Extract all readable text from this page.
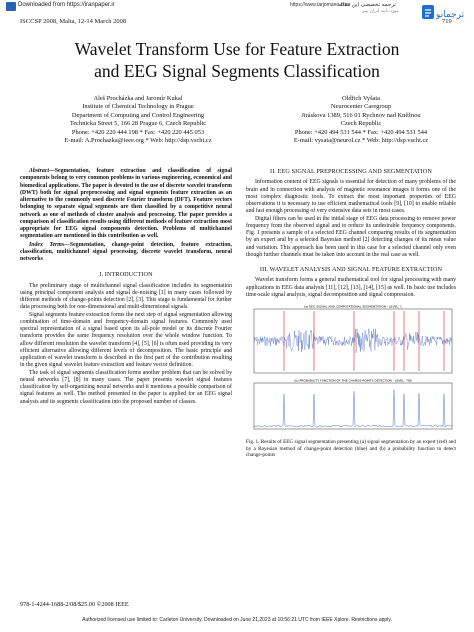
Downloaded from https://iranpaper.ir	https://www.tarjomano.com
ترجمه تخصصی این مقاله
مورد تایید ایران پیپر	ترجمانو
ISCCSP 2008, Malta, 12-14 March 2008	719
Wavelet Transform Use for Feature Extraction
and EEG Signal Segments Classification
Aleš Procházka and Jaromír Kukal
Institute of Chemical Technology in Prague
Department of Computing and Control Engineering
Technicka Street 5, 166 28 Prague 6, Czech Republic
Phone: +420 220 444 198 * Fax: +420 220 445 053
E-mail: A.Prochazka@ieee.org * Web: http://dsp.vscht.cz
Oldřich Vyšata
Neurocenter Caregroup
Jiráskova 1389, 516 01 Rychnov nad Kněžnou
Czech Republic
Phone: +420 494 531 544 * Fax: +420 494 531 544
E-mail: vysata@neurol.cz * Web: http://dsp.vscht.cz

Abstract—Segmentation, feature extraction and classification of signal components belong to very common problems in various engineering, economical and biomedical applications. The paper is devoted to the use of discrete wavelet transform (DWT) both for signal preprocessing and signal segments feature extraction as an alternative to the commonly used discrete Fourier transform (DFT). Feature vectors belonging to separate signal segments are then classified by a competitive neural network as one of methods of cluster analysis and processing. The paper provides a comparison of classification results using different methods of feature extraction most appropriate for EEG signal components detection. Problems of multichannel segmentation are mentioned in this contribution as well.

Index Terms—Segmentation, change-point detection, feature extraction, classification, multichannel signal processing, discrete wavelet transform, neural networks

I. INTRODUCTION

The preliminary stage of multichannel signal classification includes its segmentation using principal component analysis and signal de-noising [1] in many cases followed by different methods of change-points detection [2], [3]. This stage is fundamental for further data processing both for one-dimensional and multi-dimensional signals.

Signal segments feature extraction forms the next step of signal segmentation allowing combination of time-domain and frequency-domain signal features. Commonly used spectral representation of a signal based upon its all-pole model or its discrete Fourier transform provides the same frequency resolution over the whole window function. To allow different resolution the wavelet transform [4], [5], [6] is often used providing its very efficient alternative allowing different levels of decomposition. The basic principle and application of wavelet transform is described in the first part of the contribution resulting in the given signal wavelet feature extraction and feature vector definition.

The task of signal segments classification forms another problem that can be solved by neural networks [7], [8] in many cases. The paper presents wavelet signal features classification by self-organizing neural networks and it mentions a possible comparison of signal features as well. The method presented in the paper is applied for an EEG signal analysis and its segments classification into the proposed number of classes.

II. EEG SIGNAL PREPROCESSING AND SEGMENTATION

Information content of EEG signals is essential for detection of many problems of the brain and in connection with analysis of magnetic resonance images it forms one of the most complex diagnostic tools. To extract the most important properties of EEG observations it is necessary to use efficient mathematical tools [9], [10] to enable reliable and fast enough processing of very extensive data sets in most cases.

Digital filters can be used in the initial stage of EEG data processing to remove power frequency from the observed signal and to reduce its undesirable frequency components. Fig. 1 presents a sample of a selected EEG channel comparing results of its segmentation by an expert and by a selected Bayesian method [2] detecting changes of its mean value and variation. This approach has been used in this case for a selected channel only even though further channels must be taken into account in the real case as well.

III. WAVELET ANALYSIS AND SIGNAL FEATURE EXTRACTION

Wavelet transform forms a general mathematical tool for signal processing with many applications in EEG data analysis [11], [12], [13], [14], [15] as well. Its basic use includes time-scale signal analysis, signal decomposition and signal compression.

(a) EEG SIGNAL AND COMPUTATIONAL SEGMENTATION - LEVEL: 1
(b) PROBABILITY FUNCTION OF THE CHANGE-POINTS DETECTION - LEVEL: 786
Fig. 1. Results of EEG signal segmentation presenting (a) signal segmentation by an expert (red) and by a Bayesian method of change-point detection (blue) and (b) a probability function to detect change-points
978-1-4244-1688-2/08/$25.00 ©2008 IEEE
Authorized licensed use limited to: Carleton University. Downloaded on June 21,2023 at 10:56:21 UTC from IEEE Xplore. Restrictions apply.
